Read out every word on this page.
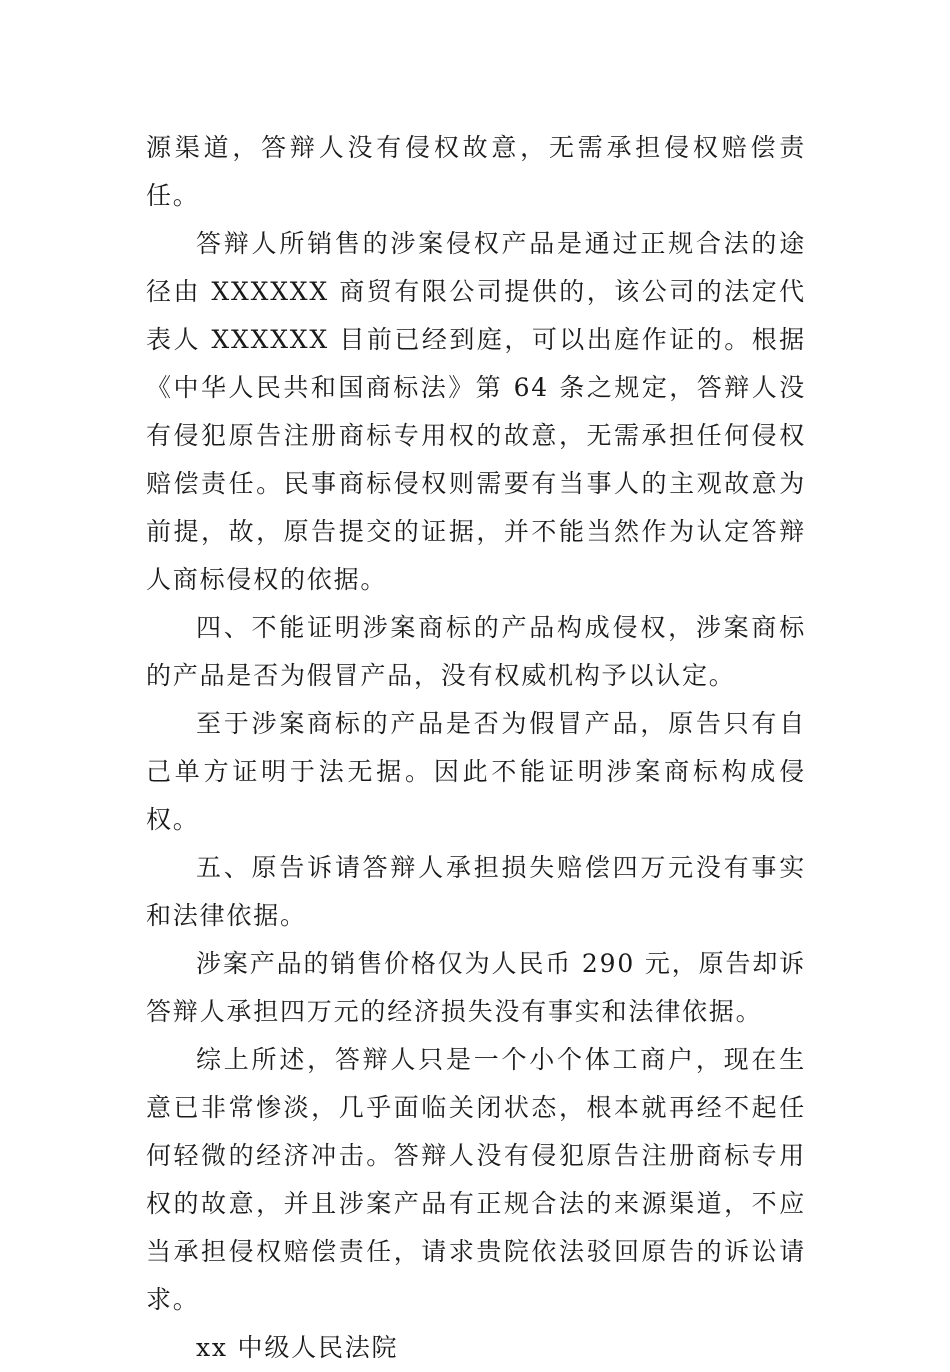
源渠道，答辩人没有侵权故意，无需承担侵权赔偿责任。

答辩人所销售的涉案侵权产品是通过正规合法的途径由 XXXXXX 商贸有限公司提供的，该公司的法定代表人 XXXXXX 目前已经到庭，可以出庭作证的。根据《中华人民共和国商标法》第 64 条之规定，答辩人没有侵犯原告注册商标专用权的故意，无需承担任何侵权赔偿责任。民事商标侵权则需要有当事人的主观故意为前提，故，原告提交的证据，并不能当然作为认定答辩人商标侵权的依据。

四、不能证明涉案商标的产品构成侵权，涉案商标的产品是否为假冒产品，没有权威机构予以认定。

至于涉案商标的产品是否为假冒产品，原告只有自己单方证明于法无据。因此不能证明涉案商标构成侵权。

五、原告诉请答辩人承担损失赔偿四万元没有事实和法律依据。

涉案产品的销售价格仅为人民币 290 元，原告却诉答辩人承担四万元的经济损失没有事实和法律依据。

综上所述，答辩人只是一个小个体工商户，现在生意已非常惨淡，几乎面临关闭状态，根本就再经不起任何轻微的经济冲击。答辩人没有侵犯原告注册商标专用权的故意，并且涉案产品有正规合法的来源渠道，不应当承担侵权赔偿责任，请求贵院依法驳回原告的诉讼请求。

xx 中级人民法院
